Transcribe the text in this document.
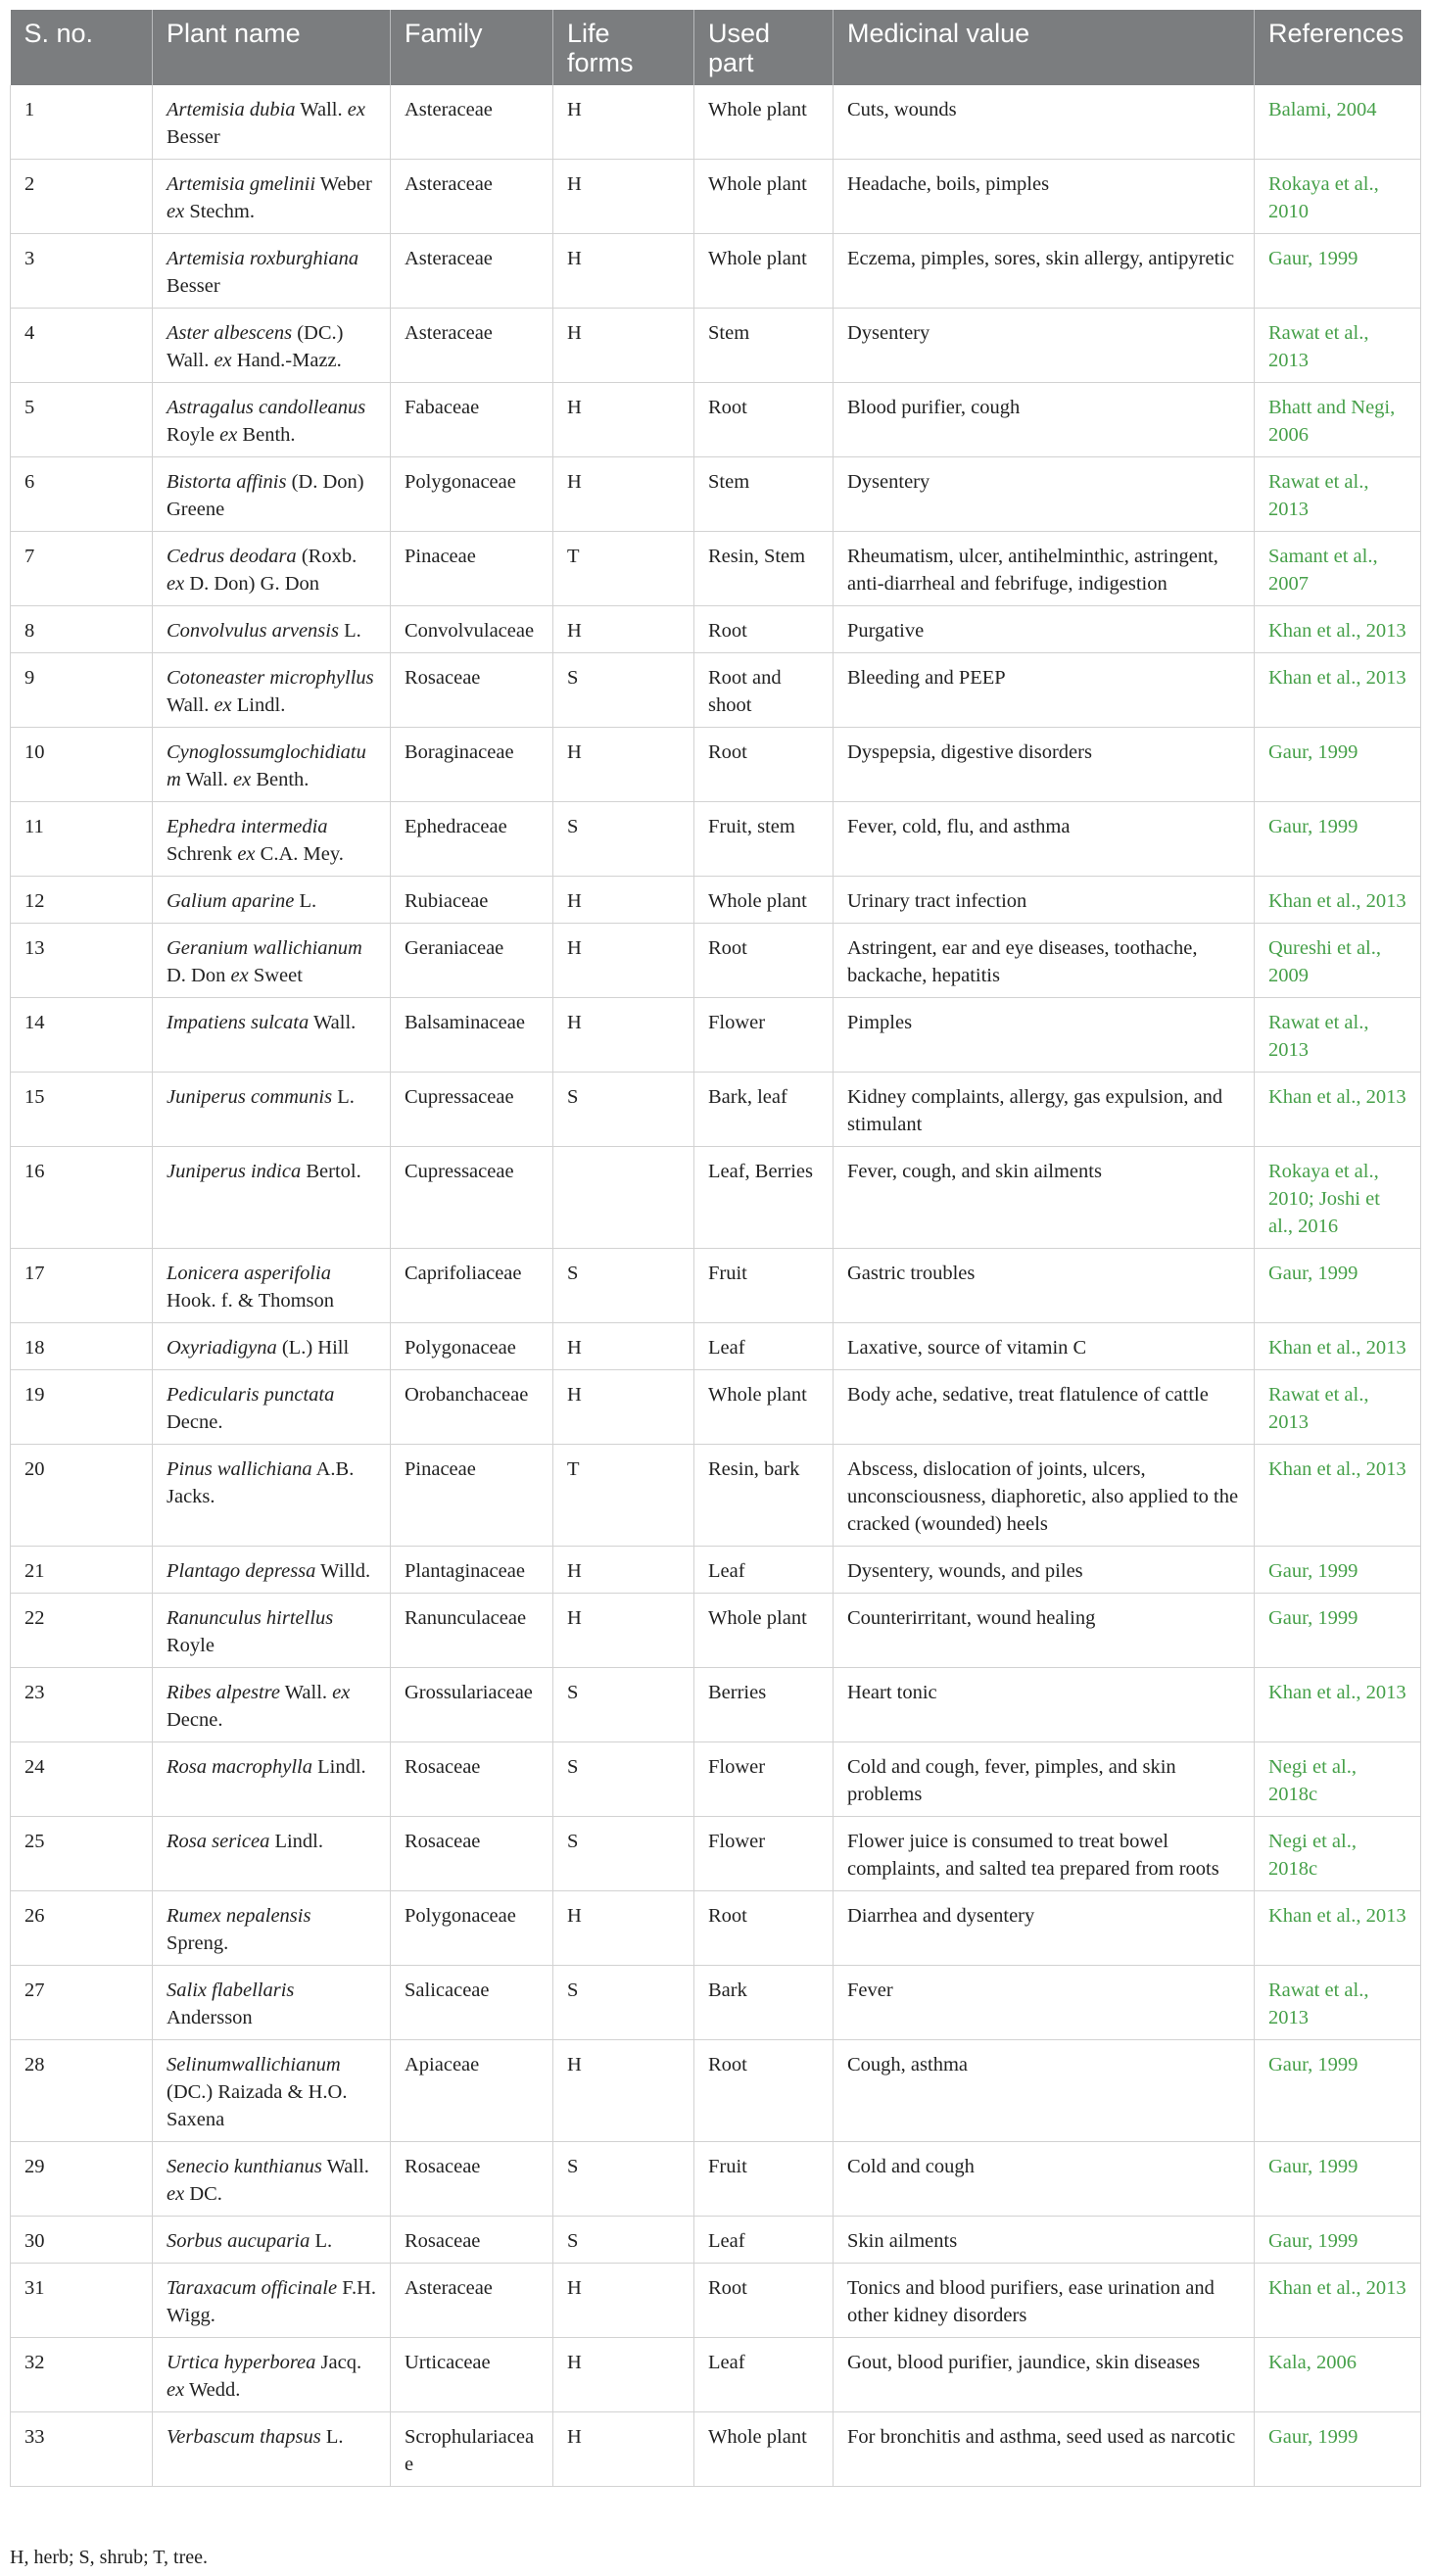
S. no.	Plant name	Family	Life forms	Used part	Medicinal value	References
1	Artemisia dubia Wall. ex Besser	Asteraceae	H	Whole plant	Cuts, wounds	Balami, 2004
2	Artemisia gmelinii Weber ex Stechm.	Asteraceae	H	Whole plant	Headache, boils, pimples	Rokaya et al., 2010
3	Artemisia roxburghiana Besser	Asteraceae	H	Whole plant	Eczema, pimples, sores, skin allergy, antipyretic	Gaur, 1999
4	Aster albescens (DC.) Wall. ex Hand.-Mazz.	Asteraceae	H	Stem	Dysentery	Rawat et al., 2013
5	Astragalus candolleanus Royle ex Benth.	Fabaceae	H	Root	Blood purifier, cough	Bhatt and Negi, 2006
6	Bistorta affinis (D. Don) Greene	Polygonaceae	H	Stem	Dysentery	Rawat et al., 2013
7	Cedrus deodara (Roxb. ex D. Don) G. Don	Pinaceae	T	Resin, Stem	Rheumatism, ulcer, antihelminthic, astringent, anti-diarrheal and febrifuge, indigestion	Samant et al., 2007
8	Convolvulus arvensis L.	Convolvulaceae	H	Root	Purgative	Khan et al., 2013
9	Cotoneaster microphyllus Wall. ex Lindl.	Rosaceae	S	Root and shoot	Bleeding and PEEP	Khan et al., 2013
10	Cynoglossumglochidiatum Wall. ex Benth.	Boraginaceae	H	Root	Dyspepsia, digestive disorders	Gaur, 1999
11	Ephedra intermedia Schrenk ex C.A. Mey.	Ephedraceae	S	Fruit, stem	Fever, cold, flu, and asthma	Gaur, 1999
12	Galium aparine L.	Rubiaceae	H	Whole plant	Urinary tract infection	Khan et al., 2013
13	Geranium wallichianum D. Don ex Sweet	Geraniaceae	H	Root	Astringent, ear and eye diseases, toothache, backache, hepatitis	Qureshi et al., 2009
14	Impatiens sulcata Wall.	Balsaminaceae	H	Flower	Pimples	Rawat et al., 2013
15	Juniperus communis L.	Cupressaceae	S	Bark, leaf	Kidney complaints, allergy, gas expulsion, and stimulant	Khan et al., 2013
16	Juniperus indica Bertol.	Cupressaceae		Leaf, Berries	Fever, cough, and skin ailments	Rokaya et al., 2010; Joshi et al., 2016
17	Lonicera asperifolia Hook. f. & Thomson	Caprifoliaceae	S	Fruit	Gastric troubles	Gaur, 1999
18	Oxyriadigyna (L.) Hill	Polygonaceae	H	Leaf	Laxative, source of vitamin C	Khan et al., 2013
19	Pedicularis punctata Decne.	Orobanchaceae	H	Whole plant	Body ache, sedative, treat flatulence of cattle	Rawat et al., 2013
20	Pinus wallichiana A.B. Jacks.	Pinaceae	T	Resin, bark	Abscess, dislocation of joints, ulcers, unconsciousness, diaphoretic, also applied to the cracked (wounded) heels	Khan et al., 2013
21	Plantago depressa Willd.	Plantaginaceae	H	Leaf	Dysentery, wounds, and piles	Gaur, 1999
22	Ranunculus hirtellus Royle	Ranunculaceae	H	Whole plant	Counterirritant, wound healing	Gaur, 1999
23	Ribes alpestre Wall. ex Decne.	Grossulariaceae	S	Berries	Heart tonic	Khan et al., 2013
24	Rosa macrophylla Lindl.	Rosaceae	S	Flower	Cold and cough, fever, pimples, and skin problems	Negi et al., 2018c
25	Rosa sericea Lindl.	Rosaceae	S	Flower	Flower juice is consumed to treat bowel complaints, and salted tea prepared from roots	Negi et al., 2018c
26	Rumex nepalensis Spreng.	Polygonaceae	H	Root	Diarrhea and dysentery	Khan et al., 2013
27	Salix flabellaris Andersson	Salicaceae	S	Bark	Fever	Rawat et al., 2013
28	Selinumwallichianum (DC.) Raizada & H.O. Saxena	Apiaceae	H	Root	Cough, asthma	Gaur, 1999
29	Senecio kunthianus Wall. ex DC.	Rosaceae	S	Fruit	Cold and cough	Gaur, 1999
30	Sorbus aucuparia L.	Rosaceae	S	Leaf	Skin ailments	Gaur, 1999
31	Taraxacum officinale F.H. Wigg.	Asteraceae	H	Root	Tonics and blood purifiers, ease urination and other kidney disorders	Khan et al., 2013
32	Urtica hyperborea Jacq. ex Wedd.	Urticaceae	H	Leaf	Gout, blood purifier, jaundice, skin diseases	Kala, 2006
33	Verbascum thapsus L.	Scrophulariaceae	H	Whole plant	For bronchitis and asthma, seed used as narcotic	Gaur, 1999
H, herb; S, shrub; T, tree.
